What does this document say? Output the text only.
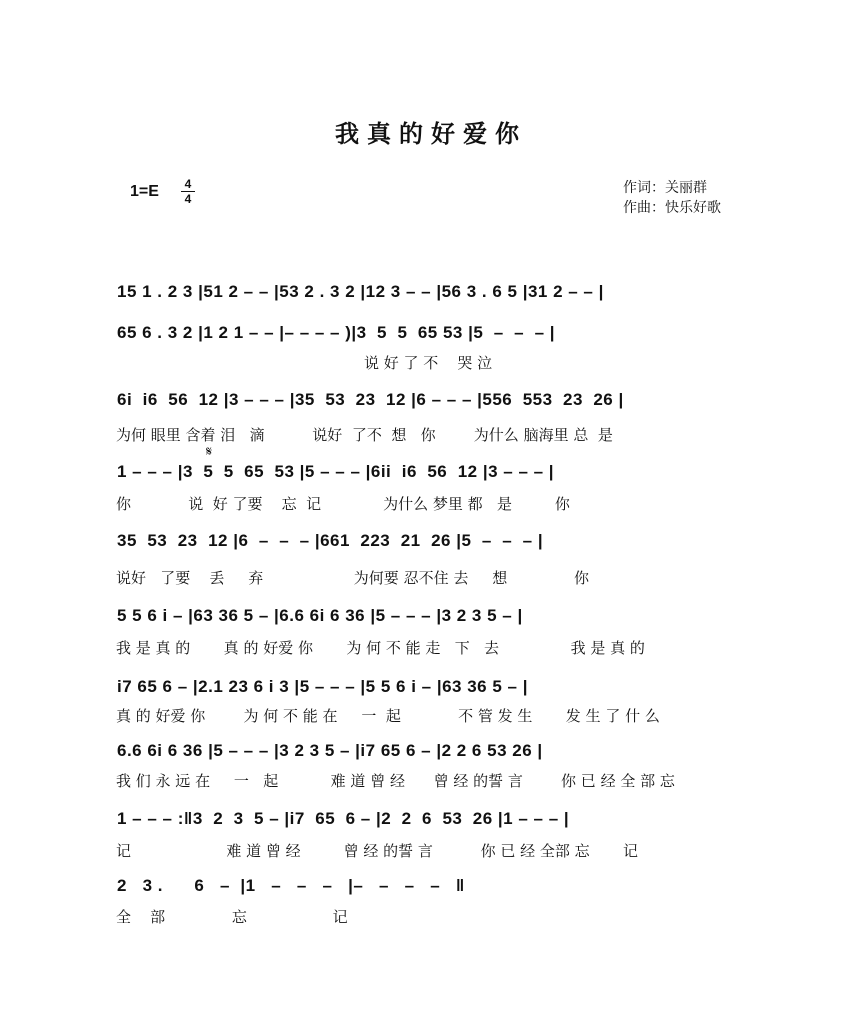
我真的好爱你
1=E	4
4
作词：关丽群
作曲：快乐好歌
𝄋
15 1 . 2 3 |51 2 – – |53 2 . 3 2 |12 3 – – |56 3 . 6 5 |31 2 – – |
65 6 . 3 2 |1 2 1 – – |– – – – )|3  5  5  65 53 |5  –  –  – |
说 好 了 不    哭 泣
6i  i6  56  12 |3 – – – |35  53  23  12 |6 – – – |556  553  23  26 |
为何 眼里 含着 泪   滴          说好  了不  想   你        为什么 脑海里 总  是
1 – – – |3  5  5  65  53 |5 – – – |6ii  i6  56  12 |3 – – – |
你            说  好 了要    忘  记             为什么 梦里 都   是         你
35  53  23  12 |6  –  –  – |661  223  21  26 |5  –  –  – |
说好   了要    丢     弃                   为何要 忍不住 去     想              你
5 5 6 i – |63 36 5 – |6.6 6i 6 36 |5 – – – |3 2 3 5 – |
我 是 真 的       真 的 好爱 你       为 何 不 能 走   下   去               我 是 真 的
i7 65 6 – |2.1 23 6 i 3 |5 – – – |5 5 6 i – |63 36 5 – |
真 的 好爱 你        为 何 不 能 在     一  起            不 管 发 生       发 生 了 什 么
6.6 6i 6 36 |5 – – – |3 2 3 5 – |i7 65 6 – |2 2 6 53 26 |
我 们 永 远 在     一   起           难 道 曾 经      曾 经 的誓 言        你 已 经 全 部 忘
1 – – – :‖3  2  3  5 – |i7  65  6 – |2  2  6  53  26 |1 – – – |
记                    难 道 曾 经         曾 经 的誓 言          你 已 经 全部 忘       记
2   3 .      6   –  |1   –   –   –   |–   –   –   –   ‖
全    部              忘                  记
